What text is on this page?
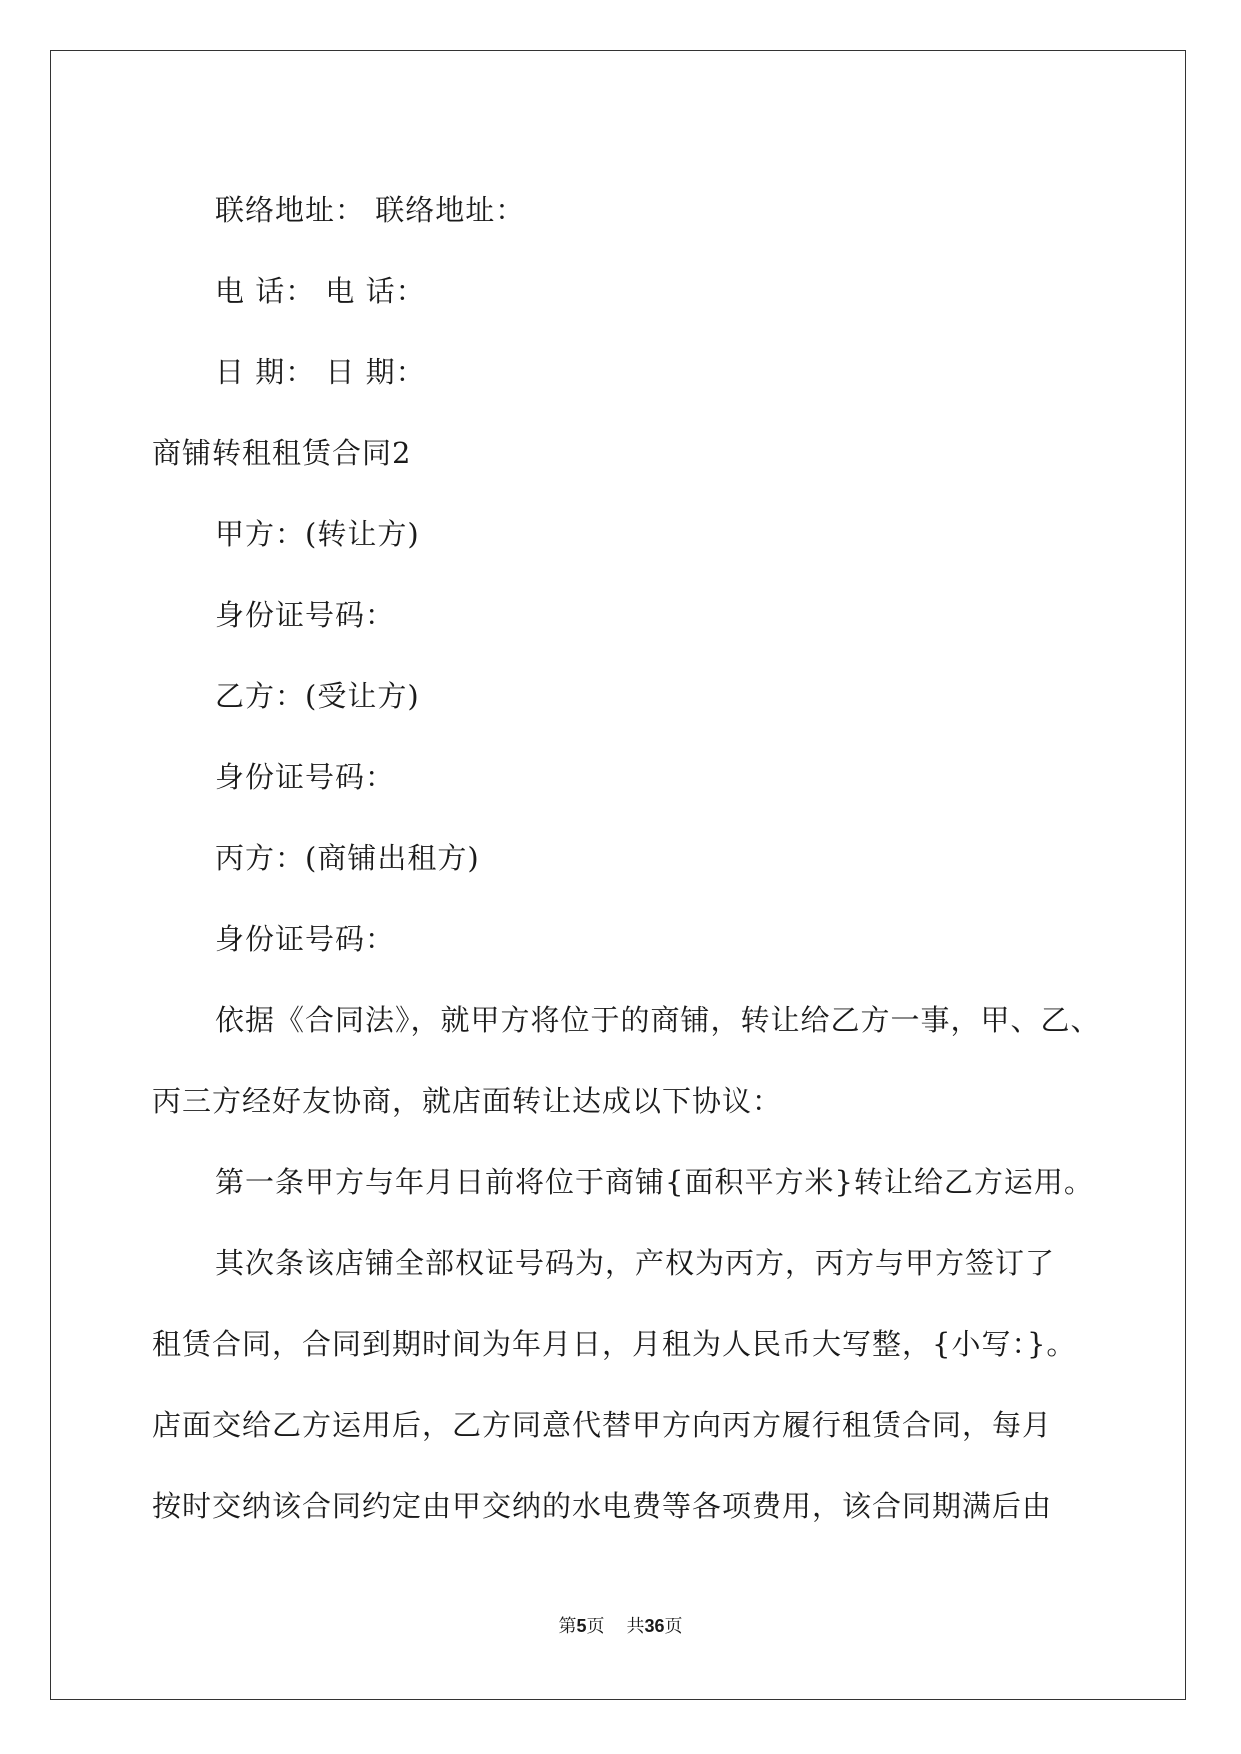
联络地址： 联络地址：
电 话： 电 话：
日 期： 日 期：
商铺转租租赁合同2
甲方：(转让方)
身份证号码：
乙方：(受让方)
身份证号码：
丙方：(商铺出租方)
身份证号码：
依据《合同法》，就甲方将位于的商铺，转让给乙方一事，甲、乙、
丙三方经好友协商，就店面转让达成以下协议：
第一条甲方与年月日前将位于商铺{面积平方米}转让给乙方运用。
其次条该店铺全部权证号码为，产权为丙方，丙方与甲方签订了
租赁合同，合同到期时间为年月日，月租为人民币大写整，{小写：}。
店面交给乙方运用后，乙方同意代替甲方向丙方履行租赁合同，每月
按时交纳该合同约定由甲交纳的水电费等各项费用，该合同期满后由
第5页 共36页
